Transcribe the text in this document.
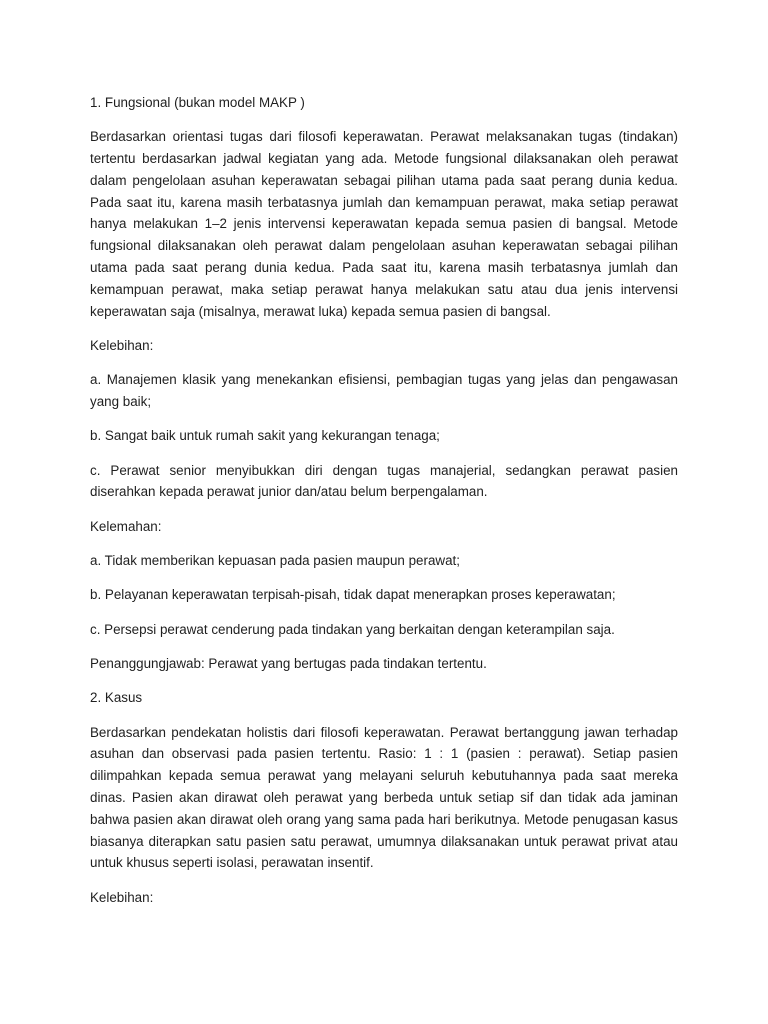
1. Fungsional (bukan model MAKP )

Berdasarkan orientasi tugas dari filosofi keperawatan. Perawat melaksanakan tugas (tindakan) tertentu berdasarkan jadwal kegiatan yang ada. Metode fungsional dilaksanakan oleh perawat dalam pengelolaan asuhan keperawatan sebagai pilihan utama pada saat perang dunia kedua. Pada saat itu, karena masih terbatasnya jumlah dan kemampuan perawat, maka setiap perawat hanya melakukan 1–2 jenis intervensi keperawatan kepada semua pasien di bangsal. Metode fungsional dilaksanakan oleh perawat dalam pengelolaan asuhan keperawatan sebagai pilihan utama pada saat perang dunia kedua. Pada saat itu, karena masih terbatasnya jumlah dan kemampuan perawat, maka setiap perawat hanya melakukan satu atau dua jenis intervensi keperawatan saja (misalnya, merawat luka) kepada semua pasien di bangsal.

Kelebihan:

a. Manajemen klasik yang menekankan efisiensi, pembagian tugas yang jelas dan pengawasan yang baik;

b. Sangat baik untuk rumah sakit yang kekurangan tenaga;

c. Perawat senior menyibukkan diri dengan tugas manajerial, sedangkan perawat pasien diserahkan kepada perawat junior dan/atau belum berpengalaman.

Kelemahan:

a. Tidak memberikan kepuasan pada pasien maupun perawat;

b. Pelayanan keperawatan terpisah-pisah, tidak dapat menerapkan proses keperawatan;

c. Persepsi perawat cenderung pada tindakan yang berkaitan dengan keterampilan saja.

Penanggungjawab: Perawat yang bertugas pada tindakan tertentu.

2. Kasus

Berdasarkan pendekatan holistis dari filosofi keperawatan. Perawat bertanggung jawan terhadap asuhan dan observasi pada pasien tertentu. Rasio: 1 : 1 (pasien : perawat). Setiap pasien dilimpahkan kepada semua perawat yang melayani seluruh kebutuhannya pada saat mereka dinas. Pasien akan dirawat oleh perawat yang berbeda untuk setiap sif dan tidak ada jaminan bahwa pasien akan dirawat oleh orang yang sama pada hari berikutnya. Metode penugasan kasus biasanya diterapkan satu pasien satu perawat, umumnya dilaksanakan untuk perawat privat atau untuk khusus seperti isolasi, perawatan insentif.

Kelebihan:
